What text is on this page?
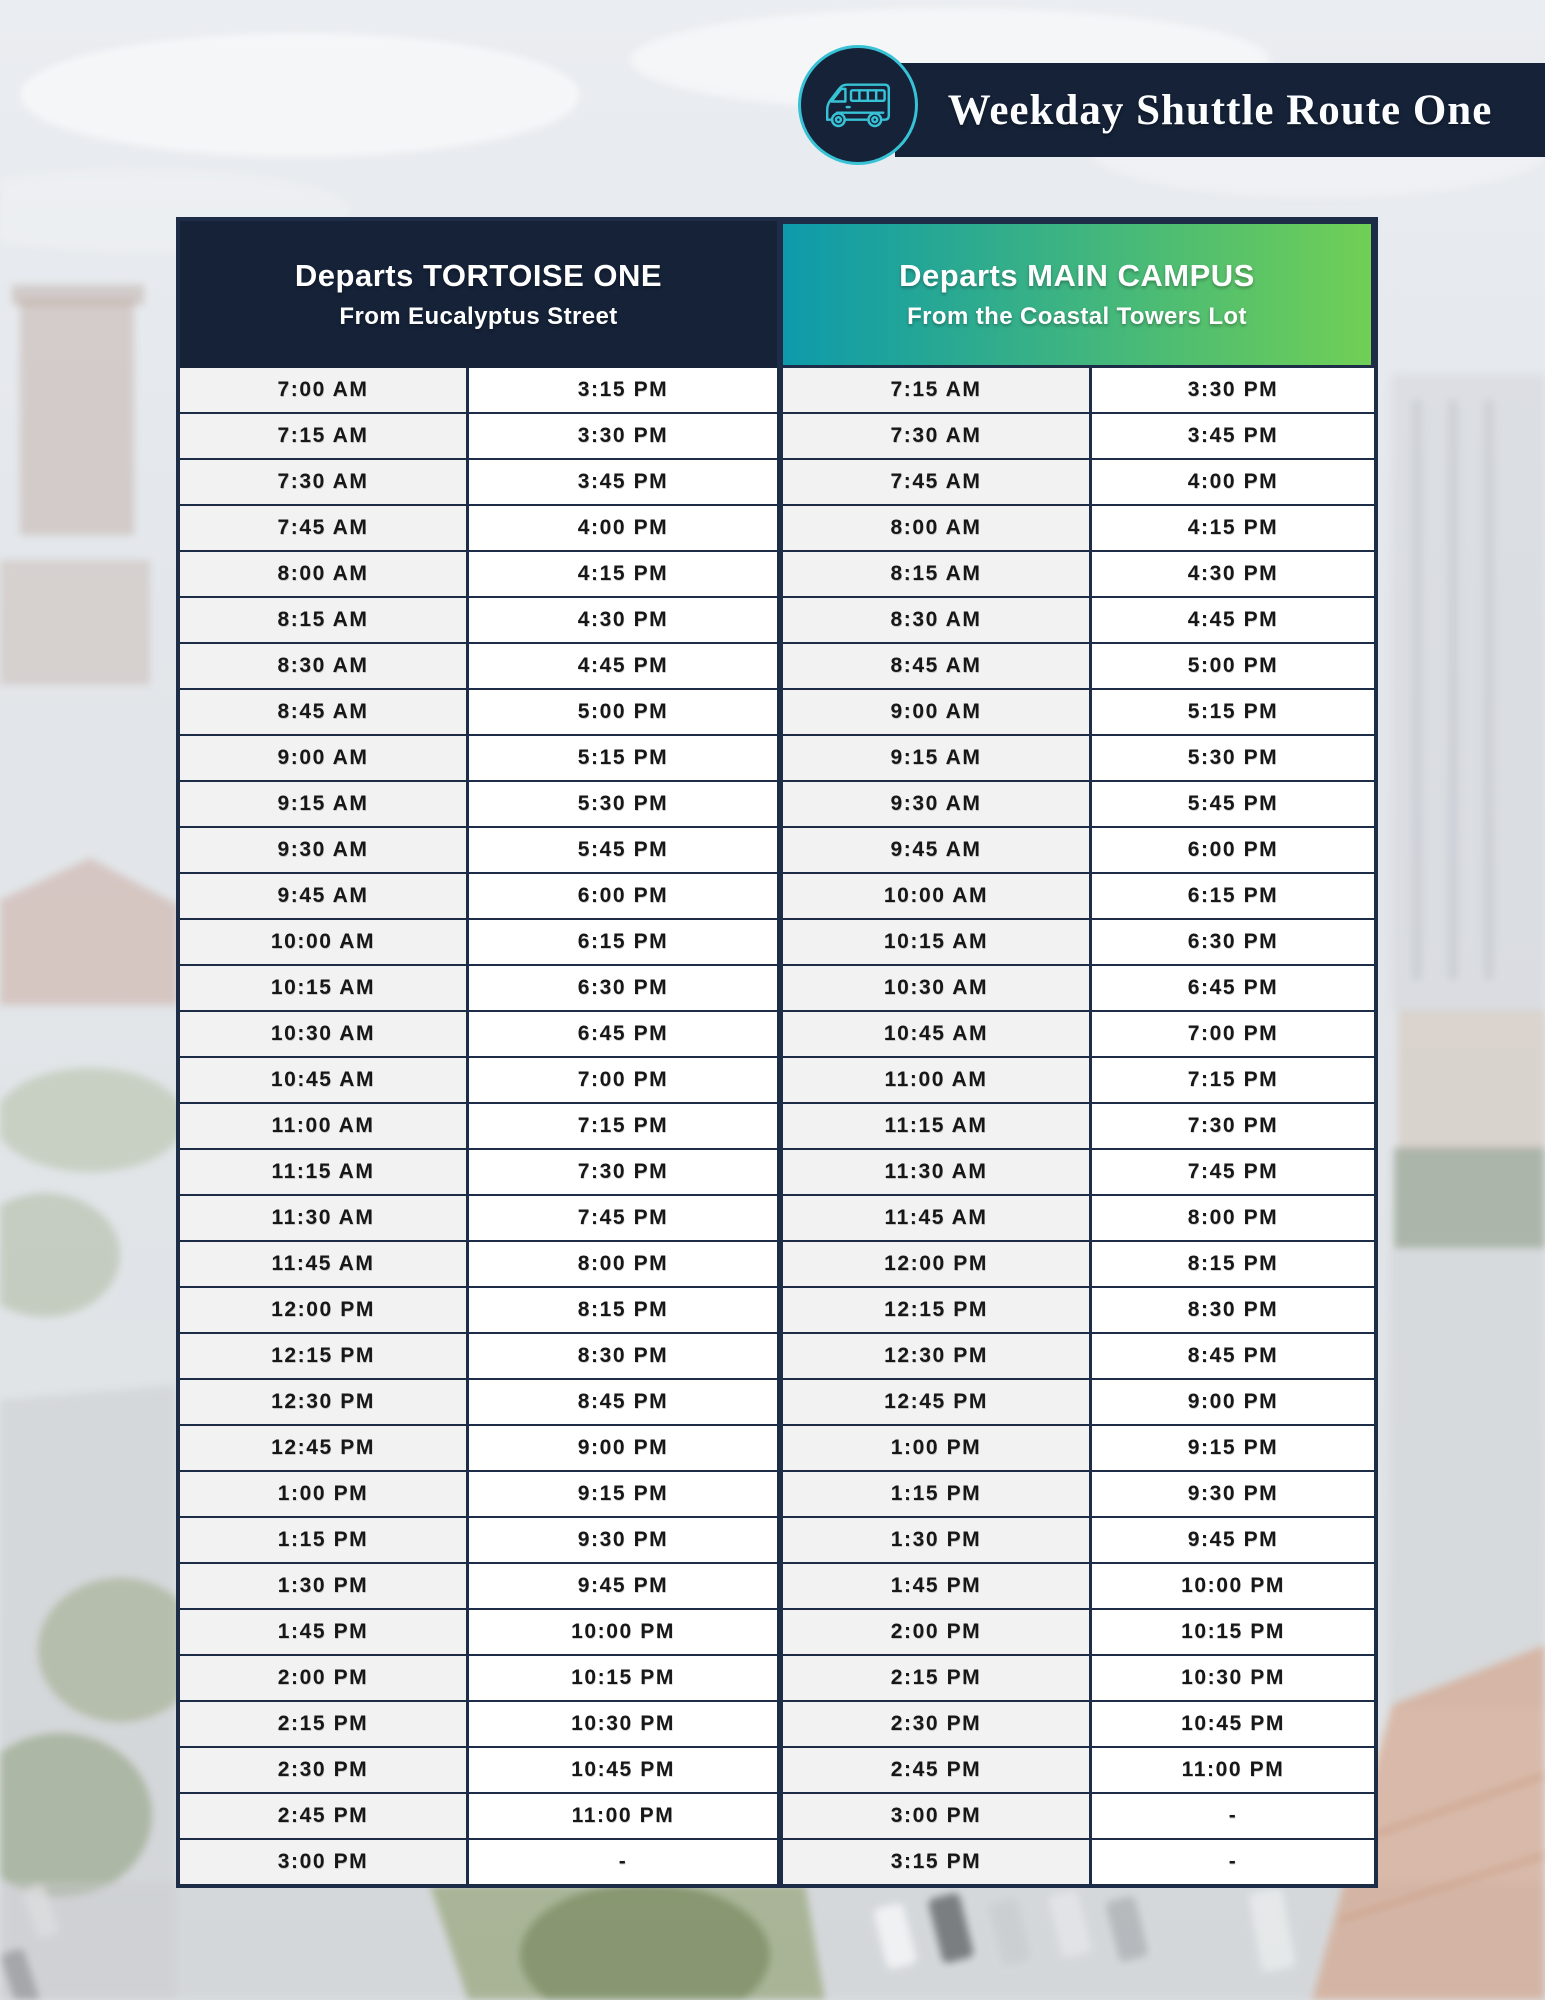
Weekday Shuttle Route One
Departs TORTOISE ONE
From Eucalyptus Street
Departs MAIN CAMPUS
From the Coastal Towers Lot
7:00 AM	3:15 PM	7:15 AM	3:30 PM
7:15 AM	3:30 PM	7:30 AM	3:45 PM
7:30 AM	3:45 PM	7:45 AM	4:00 PM
7:45 AM	4:00 PM	8:00 AM	4:15 PM
8:00 AM	4:15 PM	8:15 AM	4:30 PM
8:15 AM	4:30 PM	8:30 AM	4:45 PM
8:30 AM	4:45 PM	8:45 AM	5:00 PM
8:45 AM	5:00 PM	9:00 AM	5:15 PM
9:00 AM	5:15 PM	9:15 AM	5:30 PM
9:15 AM	5:30 PM	9:30 AM	5:45 PM
9:30 AM	5:45 PM	9:45 AM	6:00 PM
9:45 AM	6:00 PM	10:00 AM	6:15 PM
10:00 AM	6:15 PM	10:15 AM	6:30 PM
10:15 AM	6:30 PM	10:30 AM	6:45 PM
10:30 AM	6:45 PM	10:45 AM	7:00 PM
10:45 AM	7:00 PM	11:00 AM	7:15 PM
11:00 AM	7:15 PM	11:15 AM	7:30 PM
11:15 AM	7:30 PM	11:30 AM	7:45 PM
11:30 AM	7:45 PM	11:45 AM	8:00 PM
11:45 AM	8:00 PM	12:00 PM	8:15 PM
12:00 PM	8:15 PM	12:15 PM	8:30 PM
12:15 PM	8:30 PM	12:30 PM	8:45 PM
12:30 PM	8:45 PM	12:45 PM	9:00 PM
12:45 PM	9:00 PM	1:00 PM	9:15 PM
1:00 PM	9:15 PM	1:15 PM	9:30 PM
1:15 PM	9:30 PM	1:30 PM	9:45 PM
1:30 PM	9:45 PM	1:45 PM	10:00 PM
1:45 PM	10:00 PM	2:00 PM	10:15 PM
2:00 PM	10:15 PM	2:15 PM	10:30 PM
2:15 PM	10:30 PM	2:30 PM	10:45 PM
2:30 PM	10:45 PM	2:45 PM	11:00 PM
2:45 PM	11:00 PM	3:00 PM	-
3:00 PM	-	3:15 PM	-
